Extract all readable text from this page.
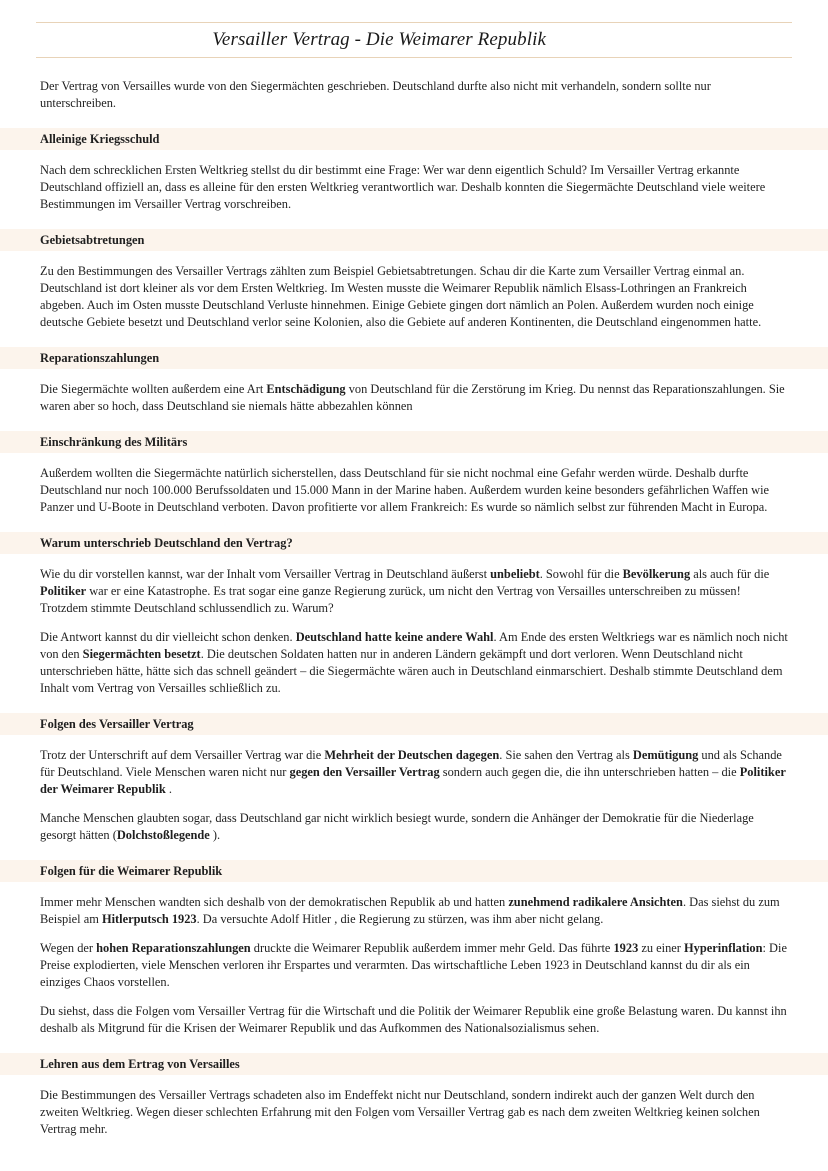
Versailler Vertrag - Die Weimarer Republik

Der Vertrag von Versailles wurde von den Siegermächten geschrieben. Deutschland durfte also nicht mit verhandeln, sondern sollte nur unterschreiben.

Alleinige Kriegsschuld

Nach dem schrecklichen Ersten Weltkrieg stellst du dir bestimmt eine Frage: Wer war denn eigentlich Schuld? Im Versailler Vertrag erkannte Deutschland offiziell an, dass es alleine für den ersten Weltkrieg verantwortlich war. Deshalb konnten die Siegermächte Deutschland viele weitere Bestimmungen im Versailler Vertrag vorschreiben.

Gebietsabtretungen

Zu den Bestimmungen des Versailler Vertrags zählten zum Beispiel Gebietsabtretungen. Schau dir die Karte zum Versailler Vertrag einmal an. Deutschland ist dort kleiner als vor dem Ersten Weltkrieg. Im Westen musste die Weimarer Republik nämlich Elsass-Lothringen an Frankreich abgeben. Auch im Osten musste Deutschland Verluste hinnehmen. Einige Gebiete gingen dort nämlich an Polen. Außerdem wurden noch einige deutsche Gebiete besetzt und Deutschland verlor seine Kolonien, also die Gebiete auf anderen Kontinenten, die Deutschland eingenommen hatte.

Reparationszahlungen

Die Siegermächte wollten außerdem eine Art Entschädigung von Deutschland für die Zerstörung im Krieg. Du nennst das Reparationszahlungen. Sie waren aber so hoch, dass Deutschland sie niemals hätte abbezahlen können

Einschränkung des Militärs

Außerdem wollten die Siegermächte natürlich sicherstellen, dass Deutschland für sie nicht nochmal eine Gefahr werden würde. Deshalb durfte Deutschland nur noch 100.000 Berufssoldaten und 15.000 Mann in der Marine haben. Außerdem wurden keine besonders gefährlichen Waffen wie Panzer und U-Boote in Deutschland verboten. Davon profitierte vor allem Frankreich: Es wurde so nämlich selbst zur führenden Macht in Europa.

Warum unterschrieb Deutschland den Vertrag?

Wie du dir vorstellen kannst, war der Inhalt vom Versailler Vertrag in Deutschland äußerst unbeliebt. Sowohl für die Bevölkerung als auch für die Politiker war er eine Katastrophe. Es trat sogar eine ganze Regierung zurück, um nicht den Vertrag von Versailles unterschreiben zu müssen! Trotzdem stimmte Deutschland schlussendlich zu. Warum?

Die Antwort kannst du dir vielleicht schon denken. Deutschland hatte keine andere Wahl. Am Ende des ersten Weltkriegs war es nämlich noch nicht von den Siegermächten besetzt. Die deutschen Soldaten hatten nur in anderen Ländern gekämpft und dort verloren. Wenn Deutschland nicht unterschrieben hätte, hätte sich das schnell geändert – die Siegermächte wären auch in Deutschland einmarschiert. Deshalb stimmte Deutschland dem Inhalt vom Vertrag von Versailles schließlich zu.

Folgen des Versailler Vertrag

Trotz der Unterschrift auf dem Versailler Vertrag war die Mehrheit der Deutschen dagegen. Sie sahen den Vertrag als Demütigung und als Schande für Deutschland. Viele Menschen waren nicht nur gegen den Versailler Vertrag sondern auch gegen die, die ihn unterschrieben hatten – die Politiker der Weimarer Republik .

Manche Menschen glaubten sogar, dass Deutschland gar nicht wirklich besiegt wurde, sondern die Anhänger der Demokratie für die Niederlage gesorgt hätten (Dolchstoßlegende ).

Folgen für die Weimarer Republik

Immer mehr Menschen wandten sich deshalb von der demokratischen Republik ab und hatten zunehmend radikalere Ansichten. Das siehst du zum Beispiel am Hitlerputsch 1923. Da versuchte Adolf Hitler , die Regierung zu stürzen, was ihm aber nicht gelang.

Wegen der hohen Reparationszahlungen druckte die Weimarer Republik außerdem immer mehr Geld. Das führte 1923 zu einer Hyperinflation: Die Preise explodierten, viele Menschen verloren ihr Erspartes und verarmten. Das wirtschaftliche Leben 1923 in Deutschland kannst du dir als ein einziges Chaos vorstellen.

Du siehst, dass die Folgen vom Versailler Vertrag für die Wirtschaft und die Politik der Weimarer Republik eine große Belastung waren. Du kannst ihn deshalb als Mitgrund für die Krisen der Weimarer Republik und das Aufkommen des Nationalsozialismus sehen.

Lehren aus dem Ertrag von Versailles

Die Bestimmungen des Versailler Vertrags schadeten also im Endeffekt nicht nur Deutschland, sondern indirekt auch der ganzen Welt durch den zweiten Weltkrieg. Wegen dieser schlechten Erfahrung mit den Folgen vom Versailler Vertrag gab es nach dem zweiten Weltkrieg keinen solchen Vertrag mehr.
